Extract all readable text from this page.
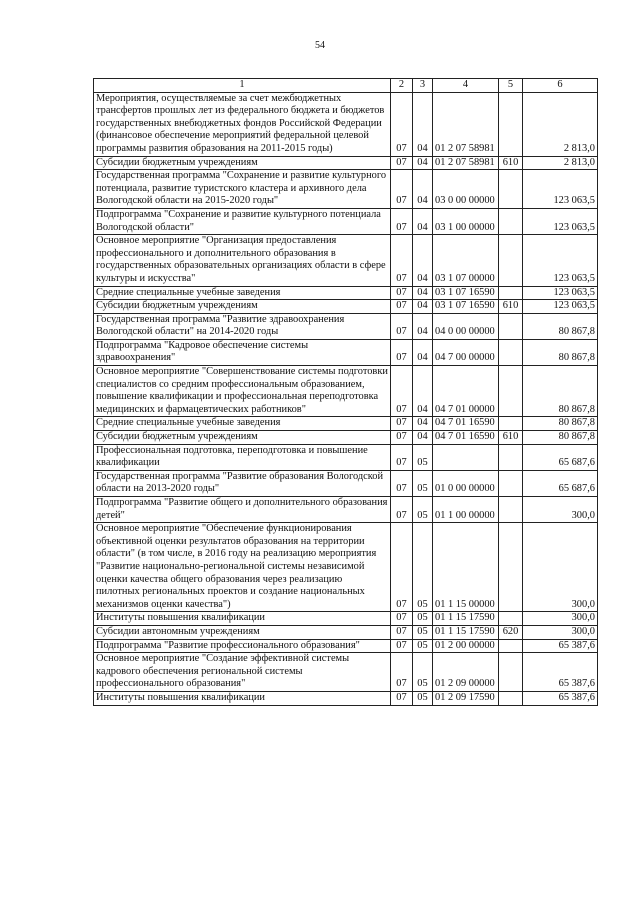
54
1	2	3	4	5	6
Мероприятия, осуществляемые за счет межбюджетных трансфертов прошлых лет из федерального бюджета и бюджетов государственных внебюджетных фондов Российской Федерации (финансовое обеспечение мероприятий федеральной целевой программы развития образования на 2011-2015 годы)	07	04	01 2 07 58981		2 813,0
Субсидии бюджетным учреждениям	07	04	01 2 07 58981	610	2 813,0
Государственная программа "Сохранение и развитие культурного потенциала, развитие туристского кластера и архивного дела Вологодской области на 2015-2020 годы"	07	04	03 0 00 00000		123 063,5
Подпрограмма "Сохранение и развитие культурного потенциала Вологодской области"	07	04	03 1 00 00000		123 063,5
Основное мероприятие "Организация предоставления профессионального и дополнительного образования в государственных образовательных организациях области в сфере культуры и искусства"	07	04	03 1 07 00000		123 063,5
Средние специальные учебные заведения	07	04	03 1 07 16590		123 063,5
Субсидии бюджетным учреждениям	07	04	03 1 07 16590	610	123 063,5
Государственная программа "Развитие здравоохранения Вологодской области" на 2014-2020 годы	07	04	04 0 00 00000		80 867,8
Подпрограмма "Кадровое обеспечение системы здравоохранения"	07	04	04 7 00 00000		80 867,8
Основное мероприятие "Совершенствование системы подготовки специалистов со средним профессиональным образованием, повышение квалификации и профессиональная переподготовка медицинских и фармацевтических работников"	07	04	04 7 01 00000		80 867,8
Средние специальные учебные заведения	07	04	04 7 01 16590		80 867,8
Субсидии бюджетным учреждениям	07	04	04 7 01 16590	610	80 867,8
Профессиональная подготовка, переподготовка и повышение квалификации	07	05			65 687,6
Государственная программа "Развитие образования Вологодской области на 2013-2020 годы"	07	05	01 0 00 00000		65 687,6
Подпрограмма "Развитие общего и дополнительного образования детей"	07	05	01 1 00 00000		300,0
Основное мероприятие "Обеспечение функционирования объективной оценки результатов образования на территории области" (в том числе, в 2016 году на реализацию мероприятия "Развитие национально-региональной системы независимой оценки качества общего образования через реализацию пилотных региональных проектов и создание национальных механизмов оценки качества")	07	05	01 1 15 00000		300,0
Институты повышения квалификации	07	05	01 1 15 17590		300,0
Субсидии автономным учреждениям	07	05	01 1 15 17590	620	300,0
Подпрограмма "Развитие профессионального образования"	07	05	01 2 00 00000		65 387,6
Основное мероприятие "Создание эффективной системы кадрового обеспечения региональной системы профессионального образования"	07	05	01 2 09 00000		65 387,6
Институты повышения квалификации	07	05	01 2 09 17590		65 387,6
